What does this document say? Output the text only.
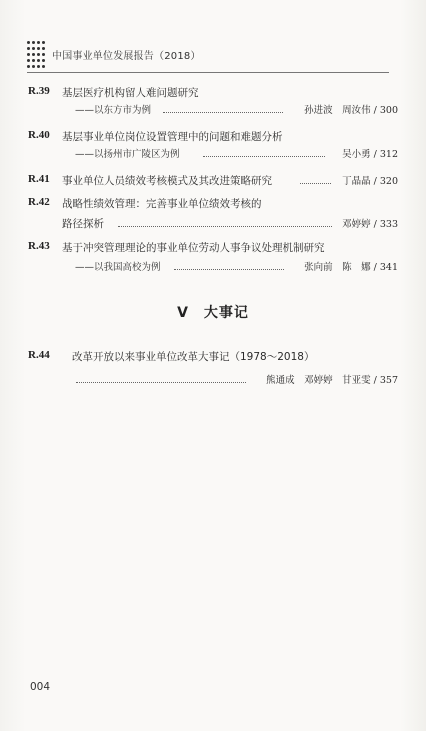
中国事业单位发展报告（2018）
R.39 基层医疗机构留人难问题研究
——以东方市为例	孙进波　周汝伟 / 300
R.40 基层事业单位岗位设置管理中的问题和难题分析
——以扬州市广陵区为例	吴小勇 / 312
R.41 事业单位人员绩效考核模式及其改进策略研究	丁晶晶 / 320
R.42 战略性绩效管理：完善事业单位绩效考核的
路径探析	邓婷婷 / 333
R.43 基于冲突管理理论的事业单位劳动人事争议处理机制研究
——以我国高校为例	张向前　陈　娜 / 341
Ⅴ　大事记
R.44 改革开放以来事业单位改革大事记（1978～2018）
熊通成　邓婷婷　甘亚雯 / 357
004
